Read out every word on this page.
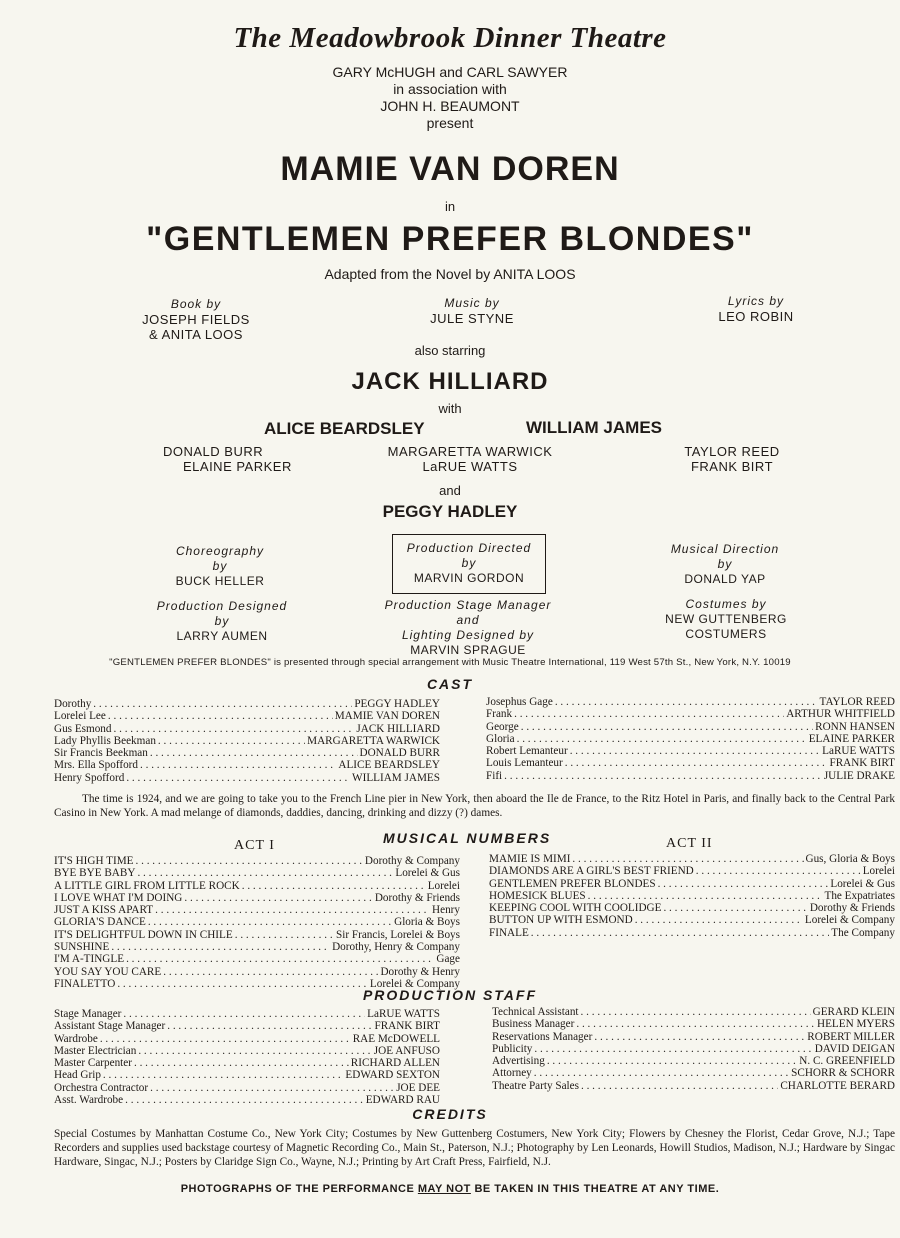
The Meadowbrook Dinner Theatre
GARY McHUGH and CARL SAWYER
in association with
JOHN H. BEAUMONT
present
MAMIE VAN DOREN
in
"GENTLEMEN PREFER BLONDES"
Adapted from the Novel by ANITA LOOS
Book by
JOSEPH FIELDS
& ANITA LOOS
Music by
JULE STYNE
Lyrics by
LEO ROBIN
also starring
JACK HILLIARD
with
ALICE BEARDSLEY	WILLIAM JAMES
DONALD BURR
ELAINE PARKER
MARGARETTA WARWICK
LaRUE WATTS
TAYLOR REED
FRANK BIRT
and
PEGGY HADLEY
Choreography
by
BUCK HELLER
Production Directed
by
MARVIN GORDON
Musical Direction
by
DONALD YAP
Production Designed
by
LARRY AUMEN
Production Stage Manager
and
Lighting Designed by
MARVIN SPRAGUE
Costumes by
NEW GUTTENBERG
COSTUMERS
"GENTLEMEN PREFER BLONDES" is presented through special arrangement with Music Theatre International, 119 West 57th St., New York, N.Y. 10019
CAST
Dorothy . . .	PEGGY HADLEY
Lorelei Lee . . .	MAMIE VAN DOREN
Gus Esmond . . .	JACK HILLIARD
Lady Phyllis Beekman . . .	MARGARETTA WARWICK
Sir Francis Beekman . . .	DONALD BURR
Mrs. Ella Spofford . . .	ALICE BEARDSLEY
Henry Spofford . . .	WILLIAM JAMES
Josephus Gage . . .	TAYLOR REED
Frank . . .	ARTHUR WHITFIELD
George . . .	RONN HANSEN
Gloria . . .	ELAINE PARKER
Robert Lemanteur . . .	LaRUE WATTS
Louis Lemanteur . . .	FRANK BIRT
Fifi . . .	JULIE DRAKE
The time is 1924, and we are going to take you to the French Line pier in New York, then aboard the Ile de France, to the Ritz Hotel in Paris, and finally back to the Central Park Casino in New York. A mad melange of diamonds, daddies, dancing, drinking and dizzy (?) dames.
MUSICAL NUMBERS
ACT I	ACT II
IT'S HIGH TIME . . .	Dorothy & Company
BYE BYE BABY . . .	Lorelei & Gus
A LITTLE GIRL FROM LITTLE ROCK . . .	Lorelei
I LOVE WHAT I'M DOING . . .	Dorothy & Friends
JUST A KISS APART . . .	Henry
GLORIA'S DANCE . . .	Gloria & Boys
IT'S DELIGHTFUL DOWN IN CHILE . . .	Sir Francis, Lorelei & Boys
SUNSHINE . . .	Dorothy, Henry & Company
I'M A-TINGLE . . .	Gage
YOU SAY YOU CARE . . .	Dorothy & Henry
FINALETTO . . .	Lorelei & Company
MAMIE IS MIMI . . .	Gus, Gloria & Boys
DIAMONDS ARE A GIRL'S BEST FRIEND . . .	Lorelei
GENTLEMEN PREFER BLONDES . . .	Lorelei & Gus
HOMESICK BLUES . . .	The Expatriates
KEEPING COOL WITH COOLIDGE . . .	Dorothy & Friends
BUTTON UP WITH ESMOND . . .	Lorelei & Company
FINALE . . .	The Company
PRODUCTION STAFF
Stage Manager . . .	LaRUE WATTS
Assistant Stage Manager . . .	FRANK BIRT
Wardrobe . . .	RAE McDOWELL
Master Electrician . . .	JOE ANFUSO
Master Carpenter . . .	RICHARD ALLEN
Head Grip . . .	EDWARD SEXTON
Orchestra Contractor . . .	JOE DEE
Asst. Wardrobe . . .	EDWARD RAU
Technical Assistant . . .	GERARD KLEIN
Business Manager . . .	HELEN MYERS
Reservations Manager . . .	ROBERT MILLER
Publicity . . .	DAVID DEIGAN
Advertising . . .	N. C. GREENFIELD
Attorney . . .	SCHORR & SCHORR
Theatre Party Sales . . .	CHARLOTTE BERARD
CREDITS
Special Costumes by Manhattan Costume Co., New York City; Costumes by New Guttenberg Costumers, New York City; Flowers by Chesney the Florist, Cedar Grove, N.J.; Tape Recorders and supplies used backstage courtesy of Magnetic Recording Co., Main St., Paterson, N.J.; Photography by Len Leonards, Howill Studios, Madison, N.J.; Hardware by Singac Hardware, Singac, N.J.; Posters by Claridge Sign Co., Wayne, N.J.; Printing by Art Craft Press, Fairfield, N.J.
PHOTOGRAPHS OF THE PERFORMANCE MAY NOT BE TAKEN IN THIS THEATRE AT ANY TIME.
